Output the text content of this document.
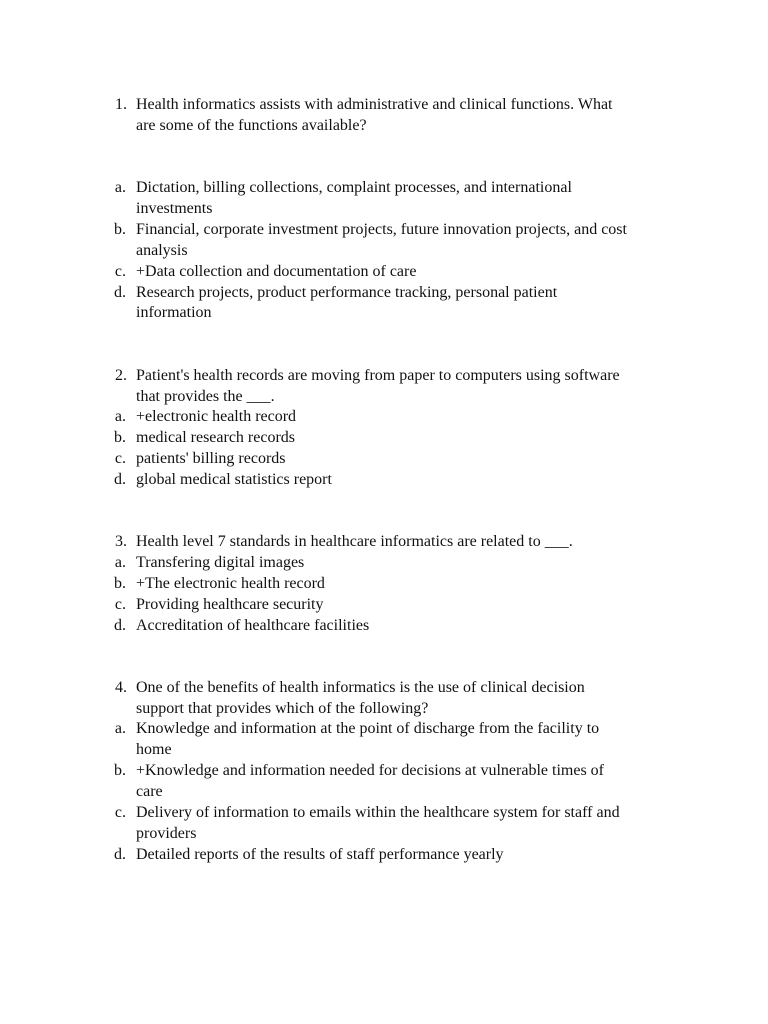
1. Health informatics assists with administrative and clinical functions. What
are some of the functions available?
a. Dictation, billing collections, complaint processes, and international
investments
b. Financial, corporate investment projects, future innovation projects, and cost
analysis
c. +Data collection and documentation of care
d. Research projects, product performance tracking, personal patient
information
2. Patient's health records are moving from paper to computers using software
that provides the ___.
a. +electronic health record
b. medical research records
c. patients' billing records
d. global medical statistics report
3. Health level 7 standards in healthcare informatics are related to ___.
a. Transfering digital images
b. +The electronic health record
c. Providing healthcare security
d. Accreditation of healthcare facilities
4. One of the benefits of health informatics is the use of clinical decision
support that provides which of the following?
a. Knowledge and information at the point of discharge from the facility to
home
b. +Knowledge and information needed for decisions at vulnerable times of
care
c. Delivery of information to emails within the healthcare system for staff and
providers
d. Detailed reports of the results of staff performance yearly
